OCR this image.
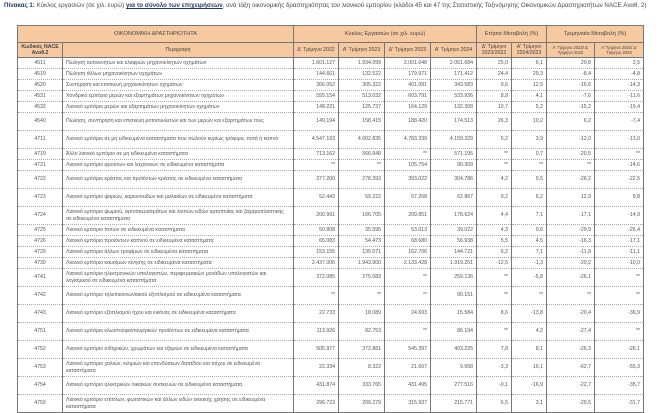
Πίνακας 1: Κύκλος εργασιών (σε χιλ. ευρώ) για το σύνολο των επιχειρήσεων, ανά τάξη οικονομικής δραστηριότητας του λιανικού εμπορίου (κλάδοι 45 και 47 της Στατιστικής Ταξινόμησης Οικονομικών Δραστηριοτήτων NACE Αναθ. 2)
ΟΙΚΟΝΟΜΙΚΗ ΔΡΑΣΤΗΡΙΟΤΗΤΑ		Κύκλος Εργασιών (σε χιλ. ευρώ)				Ετήσια Μεταβολή (%)		Τριμηνιαία Μεταβολή (%)	
Κωδικός NACE Αναθ.2	Περιγραφή	Δ' Τρίμηνο 2022	Α' Τρίμηνο 2023	Δ' Τρίμηνο 2023	Α' Τρίμηνο 2024	Δ' Τρίμηνο 2023/2022	Α' Τρίμηνο 2024/2023	Α' Τρίμηνο 2023/ Δ' Τρίμηνο 2022	Α' Τρίμηνο 2024/ Δ' Τρίμηνο 2023
4511	Πώληση αυτοκινήτων και ελαφρών μηχανοκίνητων οχημάτων	1.601.127	1.934.099	2.001.048	2.051.684	25,0	6,1	20,8	2,5
4519	Πώληση άλλων μηχανοκίνητων οχημάτων	144.661	132.522	179.971	171.412	24,4	29,3	-8,4	-4,8
4520	Συντήρηση και επισκευή μηχανοκίνητων οχημάτων	366.052	305.322	401.081	343.583	9,6	12,5	-16,6	-14,3
4531	Χονδρικό εμπόριο μερών και εξαρτημάτων μηχανοκίνητων οχημάτων	555.154	513.032	603.791	533.936	8,8	4,1	-7,6	-11,6
4532	Λιανικό εμπόριο μερών και εξαρτημάτων μηχανοκίνητων οχημάτων	148.221	125.737	164.129	132.308	10,7	5,2	-15,2	-19,4
4540	Πώληση, συντήρηση και επισκευή μοτοσυκλετών και των μερών και εξαρτημάτων τους	149.194	158.415	188.420	174.513	26,3	10,2	6,2	-7,4
4711	Λιανικό εμπόριο σε μη ειδικευμένα καταστήματα που πωλούν κυρίως τρόφιμα, ποτά ή καπνό	4.547.193	4.002.835	4.783.339	4.159.329	5,2	3,9	-12,0	-13,0
4719	Άλλο λιανικό εμπόριο σε μη ειδικευμένα καταστήματα	713.162	566.948	**	571.195	**	0,7	-20,5	**
4721	Λιανικό εμπόριο φρούτων και λαχανικών σε ειδικευμένα καταστήματα	**	**	105.754	90.309	**	**	**	-14,6
4722	Λιανικό εμπόριο κρέατος και προϊόντων κρέατος σε ειδικευμένα καταστήματα	377.200	278.393	393.022	304.786	4,2	9,5	-26,2	-22,5
4723	Λιανικό εμπόριο ψαριών, καρκινοειδών και μαλακίων σε ειδικευμένα καταστήματα	52.443	59.222	57.268	62.867	9,2	6,2	12,9	9,8
4724	Λιανικό εμπόριο ψωμιού, αρτοσκευασμάτων και λοιπών ειδών αρτοποιίας και ζαχαροπλαστικής σε ειδικευμένα καταστήματα	200.991	166.705	209.851	178.624	4,4	7,1	-17,1	-14,9
4725	Λιανικό εμπόριο ποτών σε ειδικευμένα καταστήματα	50.808	35.595	53.013	39.022	4,3	9,6	-29,9	-26,4
4726	Λιανικό εμπόριο προϊόντων καπνού σε ειδικευμένα καταστήματα	65.083	54.473	68.680	56.938	5,5	4,5	-16,3	-17,1
4729	Λιανικό εμπόριο άλλων τροφίμων σε ειδικευμένα καταστήματα	153.155	135.071	162.706	144.721	6,2	7,1	-11,8	-11,1
4730	Λιανικό εμπόριο καυσίμων κίνησης σε ειδικευμένα καταστήματα	2.437.006	1.943.900	2.133.428	1.919.251	-12,5	-1,3	-20,2	-10,0
4741	Λιανικό εμπόριο ηλεκτρονικών υπολογιστών, περιφερειακών μονάδων υπολογιστών και λογισμικού σε ειδικευμένα καταστήματα	372.085	275.083	**	259.136	**	-5,8	-26,1	**
4742	Λιανικό εμπόριο τηλεπικοινωνιακού εξοπλισμού σε ειδικευμένα καταστήματα	**	**	**	90.151	**	**	**	**
4743	Λιανικό εμπόριο εξοπλισμού ήχου και εικόνας σε ειδικευμένα καταστήματα	22.733	18.089	24.693	15.584	8,6	-13,8	-20,4	-36,9
4751	Λιανικό εμπόριο κλωστοϋφαντουργικών προϊόντων σε ειδικευμένα καταστήματα	113.926	82.753	**	86.194	**	4,2	-27,4	**
4752	Λιανικό εμπόριο σιδηρικών, χρωμάτων και τζαμιών σε ειδικευμένα καταστήματα	505.977	372.881	545.397	403.225	7,8	8,1	-26,3	-26,1
4753	Λιανικό εμπόριο χαλιών, κιλιμιών και επενδύσεων δαπέδου και τοίχου σε ειδικευμένα καταστήματα	22.334	8.322	21.607	9.658	-3,3	16,1	-62,7	-55,3
4754	Λιανικό εμπόριο ηλεκτρικών οικιακών συσκευών σε ειδικευμένα καταστήματα	431.874	333.765	431.495	277.516	-0,1	-16,9	-22,7	-35,7
4759	Λιανικό εμπόριο επίπλων, φωτιστικών και άλλων ειδών οικιακής χρήσης σε ειδικευμένα καταστήματα	296.723	209.279	315.937	215.771	6,5	3,1	-29,5	-31,7
